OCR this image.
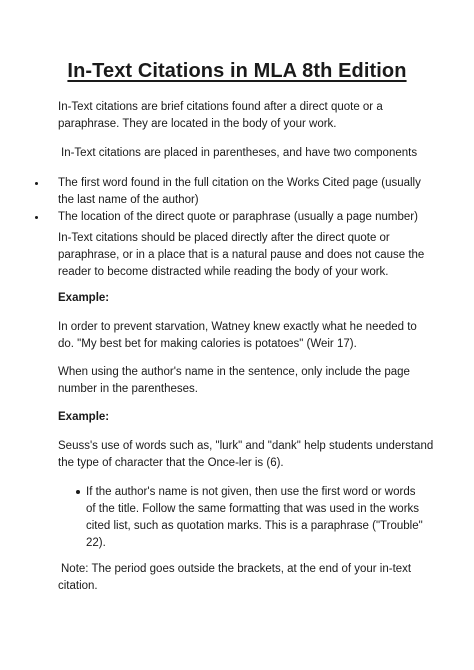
In-Text Citations in MLA 8th Edition
In-Text citations are brief citations found after a direct quote or a
paraphrase. They are located in the body of your work.
In-Text citations are placed in parentheses, and have two components
The first word found in the full citation on the Works Cited page (usually
the last name of the author)
The location of the direct quote or paraphrase (usually a page number)
In-Text citations should be placed directly after the direct quote or
paraphrase, or in a place that is a natural pause and does not cause the
reader to become distracted while reading the body of your work.
Example:
In order to prevent starvation, Watney knew exactly what he needed to
do. "My best bet for making calories is potatoes" (Weir 17).
When using the author's name in the sentence, only include the page
number in the parentheses.
Example:
Seuss's use of words such as, "lurk" and "dank" help students understand
the type of character that the Once-ler is (6).
If the author's name is not given, then use the first word or words
of the title. Follow the same formatting that was used in the works
cited list, such as quotation marks. This is a paraphrase ("Trouble"
22).
Note: The period goes outside the brackets, at the end of your in-text
citation.
